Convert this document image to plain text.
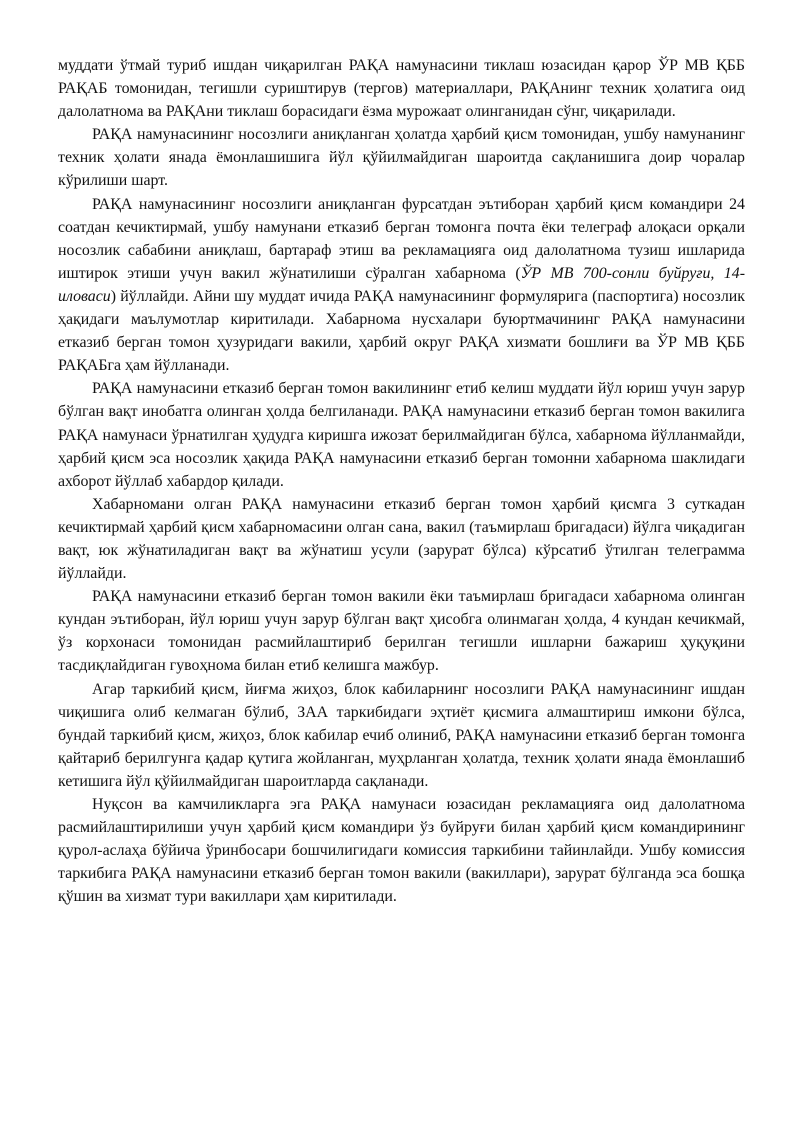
муддати ўтмай туриб ишдан чиқарилган РАҚА намунасини тиклаш юзасидан қарор ЎР МВ ҚББ РАҚАБ томонидан, тегишли суриштирув (тергов) материаллари, РАҚАнинг техник ҳолатига оид далолатнома ва РАҚАни тиклаш борасидаги ёзма мурожаат олинганидан сўнг, чиқарилади.

РАҚА намунасининг носозлиги аниқланган ҳолатда ҳарбий қисм томонидан, ушбу намунанинг техник ҳолати янада ёмонлашишига йўл қўйилмайдиган шароитда сақланишига доир чоралар кўрилиши шарт.

РАҚА намунасининг носозлиги аниқланган фурсатдан эътиборан ҳарбий қисм командири 24 соатдан кечиктирмай, ушбу намунани етказиб берган томонга почта ёки телеграф алоқаси орқали носозлик сабабини аниқлаш, бартараф этиш ва рекламацияга оид далолатнома тузиш ишларида иштирок этиши учун вакил жўнатилиши сўралган хабарнома (ЎР МВ 700-сонли буйруғи, 14- иловаси) йўллайди. Айни шу муддат ичида РАҚА намунасининг формулярига (паспортига) носозлик ҳақидаги маълумотлар киритилади. Хабарнома нусхалари буюртмачининг РАҚА намунасини етказиб берган томон ҳузуридаги вакили, ҳарбий округ РАҚА хизмати бошлиғи ва ЎР МВ ҚББ РАҚАБга ҳам йўлланади.

РАҚА намунасини етказиб берган томон вакилининг етиб келиш муддати йўл юриш учун зарур бўлган вақт инобатга олинган ҳолда белгиланади. РАҚА намунасини етказиб берган томон вакилига РАҚА намунаси ўрнатилган ҳудудга киришга ижозат берилмайдиган бўлса, хабарнома йўлланмайди, ҳарбий қисм эса носозлик ҳақида РАҚА намунасини етказиб берган томонни хабарнома шаклидаги ахборот йўллаб хабардор қилади.

Хабарномани олган РАҚА намунасини етказиб берган томон ҳарбий қисмга 3 суткадан кечиктирмай ҳарбий қисм хабарномасини олган сана, вакил (таъмирлаш бригадаси) йўлга чиқадиган вақт, юк жўнатиладиган вақт ва жўнатиш усули (зарурат бўлса) кўрсатиб ўтилган телеграмма йўллайди.

РАҚА намунасини етказиб берган томон вакили ёки таъмирлаш бригадаси хабарнома олинган кундан эътиборан, йўл юриш учун зарур бўлган вақт ҳисобга олинмаган ҳолда, 4 кундан кечикмай, ўз корхонаси томонидан расмийлаштириб берилган тегишли ишларни бажариш ҳуқуқини тасдиқлайдиган гувоҳнома билан етиб келишга мажбур.

Агар таркибий қисм, йиғма жиҳоз, блок кабиларнинг носозлиги РАҚА намунасининг ишдан чиқишига олиб келмаган бўлиб, ЗАА таркибидаги эҳтиёт қисмига алмаштириш имкони бўлса, бундай таркибий қисм, жиҳоз, блок кабилар ечиб олиниб, РАҚА намунасини етказиб берган томонга қайтариб берилгунга қадар қутига жойланган, муҳрланган ҳолатда, техник ҳолати янада ёмонлашиб кетишига йўл қўйилмайдиган шароитларда сақланади.

Нуқсон ва камчиликларга эга РАҚА намунаси юзасидан рекламацияга оид далолатнома расмийлаштирилиши учун ҳарбий қисм командири ўз буйруғи билан ҳарбий қисм командирининг қурол-аслаҳа бўйича ўринбосари бошчилигидаги комиссия таркибини тайинлайди. Ушбу комиссия таркибига РАҚА намунасини етказиб берган томон вакили (вакиллари), зарурат бўлганда эса бошқа қўшин ва хизмат тури вакиллари ҳам киритилади.
